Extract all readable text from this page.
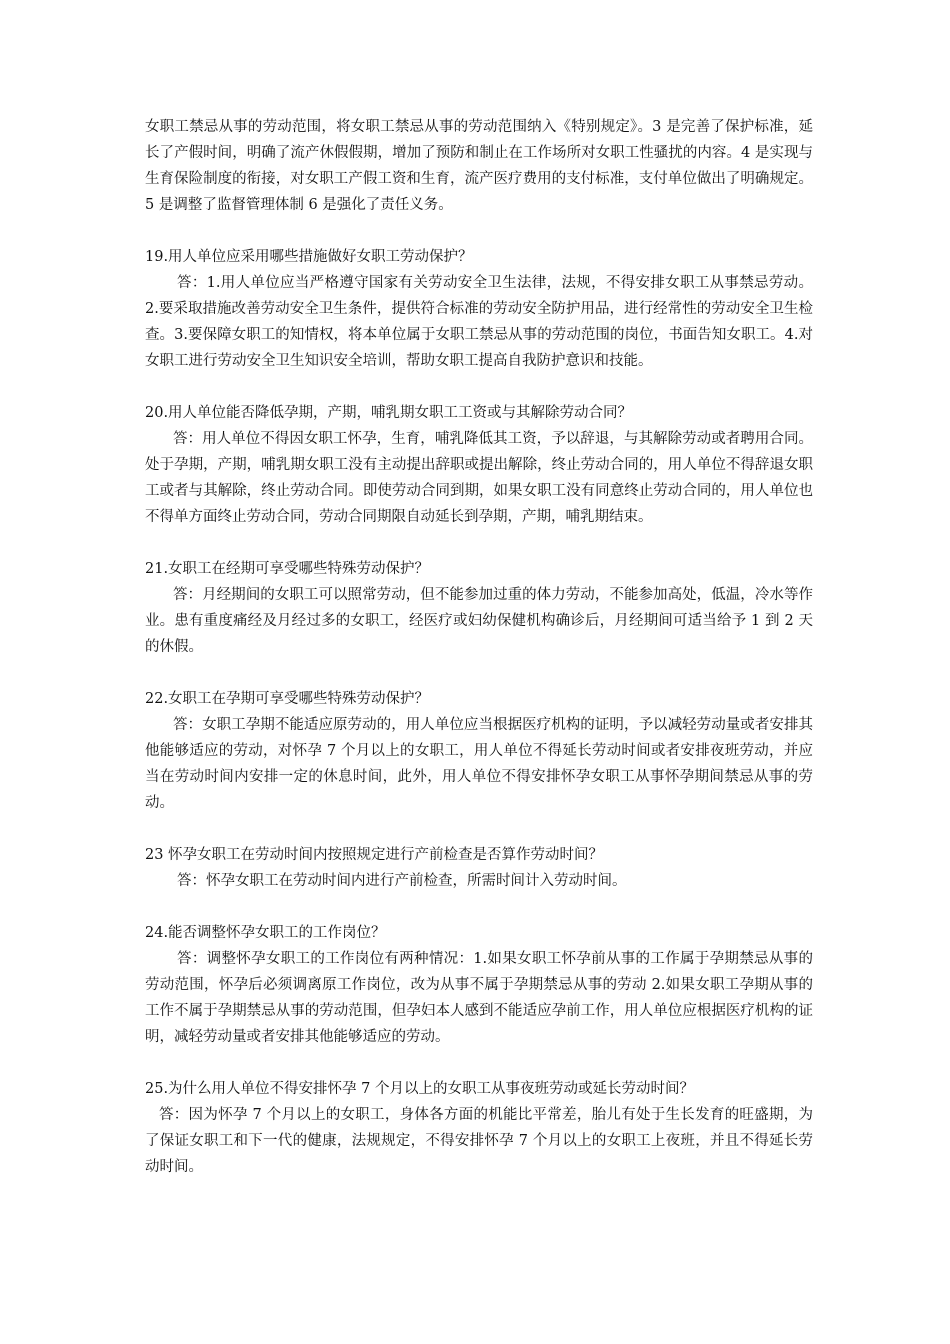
女职工禁忌从事的劳动范围，将女职工禁忌从事的劳动范围纳入《特别规定》。3 是完善了保护标准，延长了产假时间，明确了流产休假假期，增加了预防和制止在工作场所对女职工性骚扰的内容。4 是实现与生育保险制度的衔接，对女职工产假工资和生育，流产医疗费用的支付标准，支付单位做出了明确规定。5 是调整了监督管理体制 6 是强化了责任义务。

19.用人单位应采用哪些措施做好女职工劳动保护？

答：1.用人单位应当严格遵守国家有关劳动安全卫生法律，法规，不得安排女职工从事禁忌劳动。2.要采取措施改善劳动安全卫生条件，提供符合标准的劳动安全防护用品，进行经常性的劳动安全卫生检查。3.要保障女职工的知情权，将本单位属于女职工禁忌从事的劳动范围的岗位，书面告知女职工。4.对女职工进行劳动安全卫生知识安全培训，帮助女职工提高自我防护意识和技能。

20.用人单位能否降低孕期，产期，哺乳期女职工工资或与其解除劳动合同？

答：用人单位不得因女职工怀孕，生育，哺乳降低其工资，予以辞退，与其解除劳动或者聘用合同。处于孕期，产期，哺乳期女职工没有主动提出辞职或提出解除，终止劳动合同的，用人单位不得辞退女职工或者与其解除，终止劳动合同。即使劳动合同到期，如果女职工没有同意终止劳动合同的，用人单位也不得单方面终止劳动合同，劳动合同期限自动延长到孕期，产期，哺乳期结束。

21.女职工在经期可享受哪些特殊劳动保护？

答：月经期间的女职工可以照常劳动，但不能参加过重的体力劳动，不能参加高处，低温，冷水等作业。患有重度痛经及月经过多的女职工，经医疗或妇幼保健机构确诊后，月经期间可适当给予 1 到 2 天的休假。

22.女职工在孕期可享受哪些特殊劳动保护？

答：女职工孕期不能适应原劳动的，用人单位应当根据医疗机构的证明，予以减轻劳动量或者安排其他能够适应的劳动，对怀孕 7 个月以上的女职工，用人单位不得延长劳动时间或者安排夜班劳动，并应当在劳动时间内安排一定的休息时间，此外，用人单位不得安排怀孕女职工从事怀孕期间禁忌从事的劳动。

23 怀孕女职工在劳动时间内按照规定进行产前检查是否算作劳动时间？

答：怀孕女职工在劳动时间内进行产前检查，所需时间计入劳动时间。

24.能否调整怀孕女职工的工作岗位？

答：调整怀孕女职工的工作岗位有两种情况：1.如果女职工怀孕前从事的工作属于孕期禁忌从事的劳动范围，怀孕后必须调离原工作岗位，改为从事不属于孕期禁忌从事的劳动 2.如果女职工孕期从事的工作不属于孕期禁忌从事的劳动范围，但孕妇本人感到不能适应孕前工作，用人单位应根据医疗机构的证明，减轻劳动量或者安排其他能够适应的劳动。

25.为什么用人单位不得安排怀孕 7 个月以上的女职工从事夜班劳动或延长劳动时间？

答：因为怀孕 7 个月以上的女职工，身体各方面的机能比平常差，胎儿有处于生长发育的旺盛期，为了保证女职工和下一代的健康，法规规定，不得安排怀孕 7 个月以上的女职工上夜班，并且不得延长劳动时间。
